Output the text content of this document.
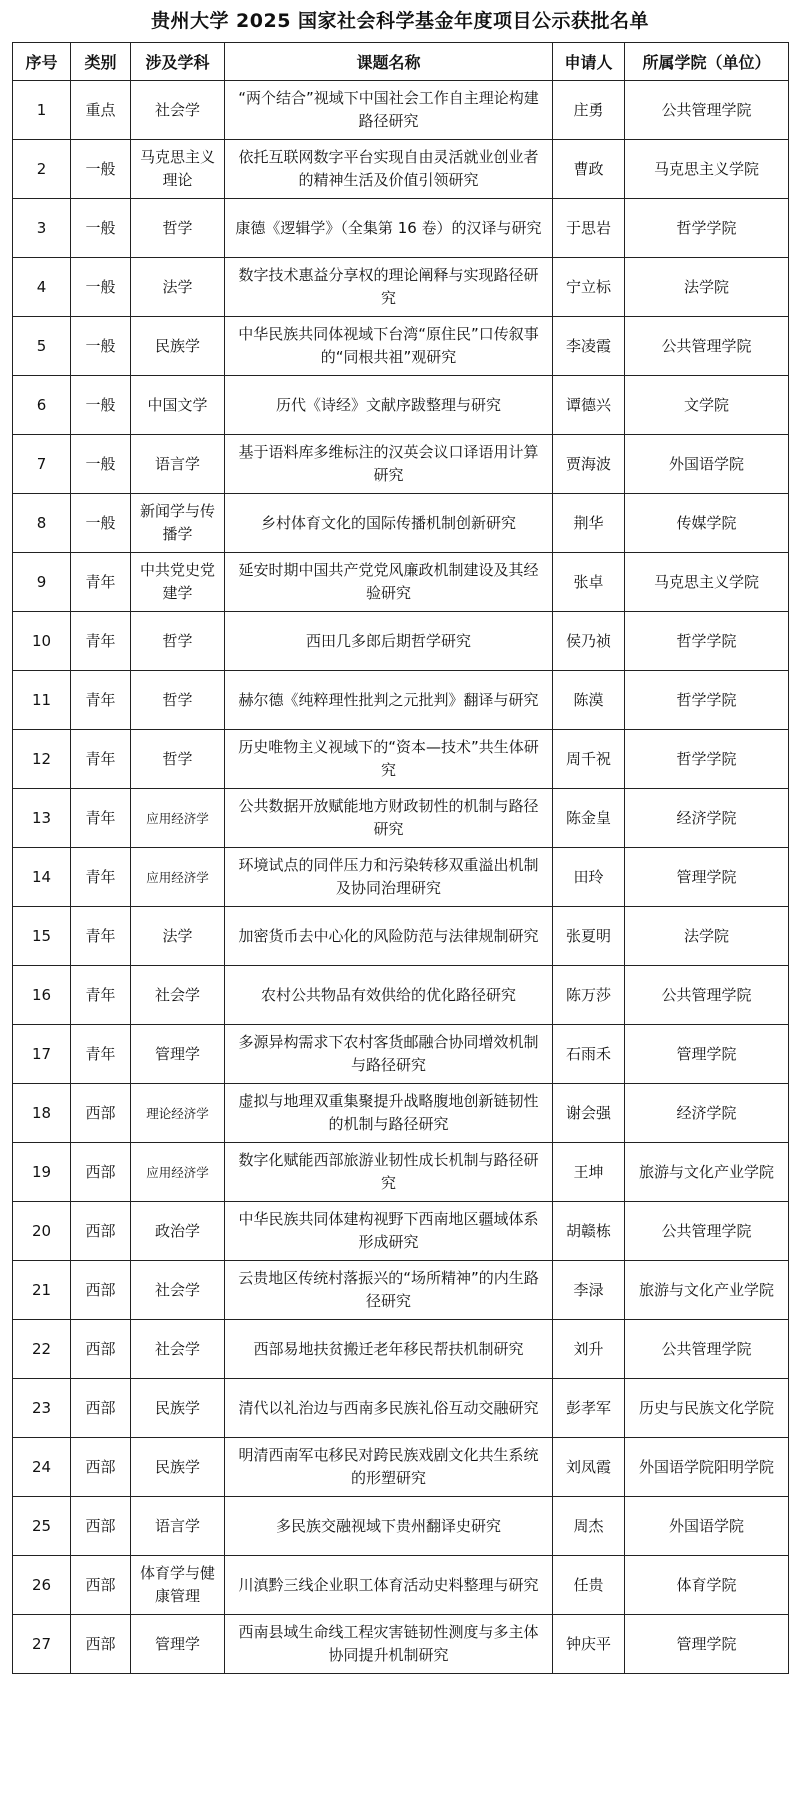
贵州大学 2025 国家社会科学基金年度项目公示获批名单
序号	类别	涉及学科	课题名称	申请人	所属学院（单位）
1	重点	社会学	“两个结合”视域下中国社会工作自主理论构建路径研究	庄勇	公共管理学院
2	一般	马克思主义理论	依托互联网数字平台实现自由灵活就业创业者的精神生活及价值引领研究	曹政	马克思主义学院
3	一般	哲学	康德《逻辑学》（全集第 16 卷）的汉译与研究	于思岩	哲学学院
4	一般	法学	数字技术惠益分享权的理论阐释与实现路径研究	宁立标	法学院
5	一般	民族学	中华民族共同体视域下台湾“原住民”口传叙事的“同根共祖”观研究	李凌霞	公共管理学院
6	一般	中国文学	历代《诗经》文献序跋整理与研究	谭德兴	文学院
7	一般	语言学	基于语料库多维标注的汉英会议口译语用计算研究	贾海波	外国语学院
8	一般	新闻学与传播学	乡村体育文化的国际传播机制创新研究	荆华	传媒学院
9	青年	中共党史党建学	延安时期中国共产党党风廉政机制建设及其经验研究	张卓	马克思主义学院
10	青年	哲学	西田几多郎后期哲学研究	侯乃祯	哲学学院
11	青年	哲学	赫尔德《纯粹理性批判之元批判》翻译与研究	陈漠	哲学学院
12	青年	哲学	历史唯物主义视域下的“资本—技术”共生体研究	周千祝	哲学学院
13	青年	应用经济学	公共数据开放赋能地方财政韧性的机制与路径研究	陈金皇	经济学院
14	青年	应用经济学	环境试点的同伴压力和污染转移双重溢出机制及协同治理研究	田玲	管理学院
15	青年	法学	加密货币去中心化的风险防范与法律规制研究	张夏明	法学院
16	青年	社会学	农村公共物品有效供给的优化路径研究	陈万莎	公共管理学院
17	青年	管理学	多源异构需求下农村客货邮融合协同增效机制与路径研究	石雨禾	管理学院
18	西部	理论经济学	虚拟与地理双重集聚提升战略腹地创新链韧性的机制与路径研究	谢会强	经济学院
19	西部	应用经济学	数字化赋能西部旅游业韧性成长机制与路径研究	王坤	旅游与文化产业学院
20	西部	政治学	中华民族共同体建构视野下西南地区疆域体系形成研究	胡赣栋	公共管理学院
21	西部	社会学	云贵地区传统村落振兴的“场所精神”的内生路径研究	李渌	旅游与文化产业学院
22	西部	社会学	西部易地扶贫搬迁老年移民帮扶机制研究	刘升	公共管理学院
23	西部	民族学	清代以礼治边与西南多民族礼俗互动交融研究	彭孝军	历史与民族文化学院
24	西部	民族学	明清西南军屯移民对跨民族戏剧文化共生系统的形塑研究	刘凤霞	外国语学院阳明学院
25	西部	语言学	多民族交融视域下贵州翻译史研究	周杰	外国语学院
26	西部	体育学与健康管理	川滇黔三线企业职工体育活动史料整理与研究	任贵	体育学院
27	西部	管理学	西南县域生命线工程灾害链韧性测度与多主体协同提升机制研究	钟庆平	管理学院
